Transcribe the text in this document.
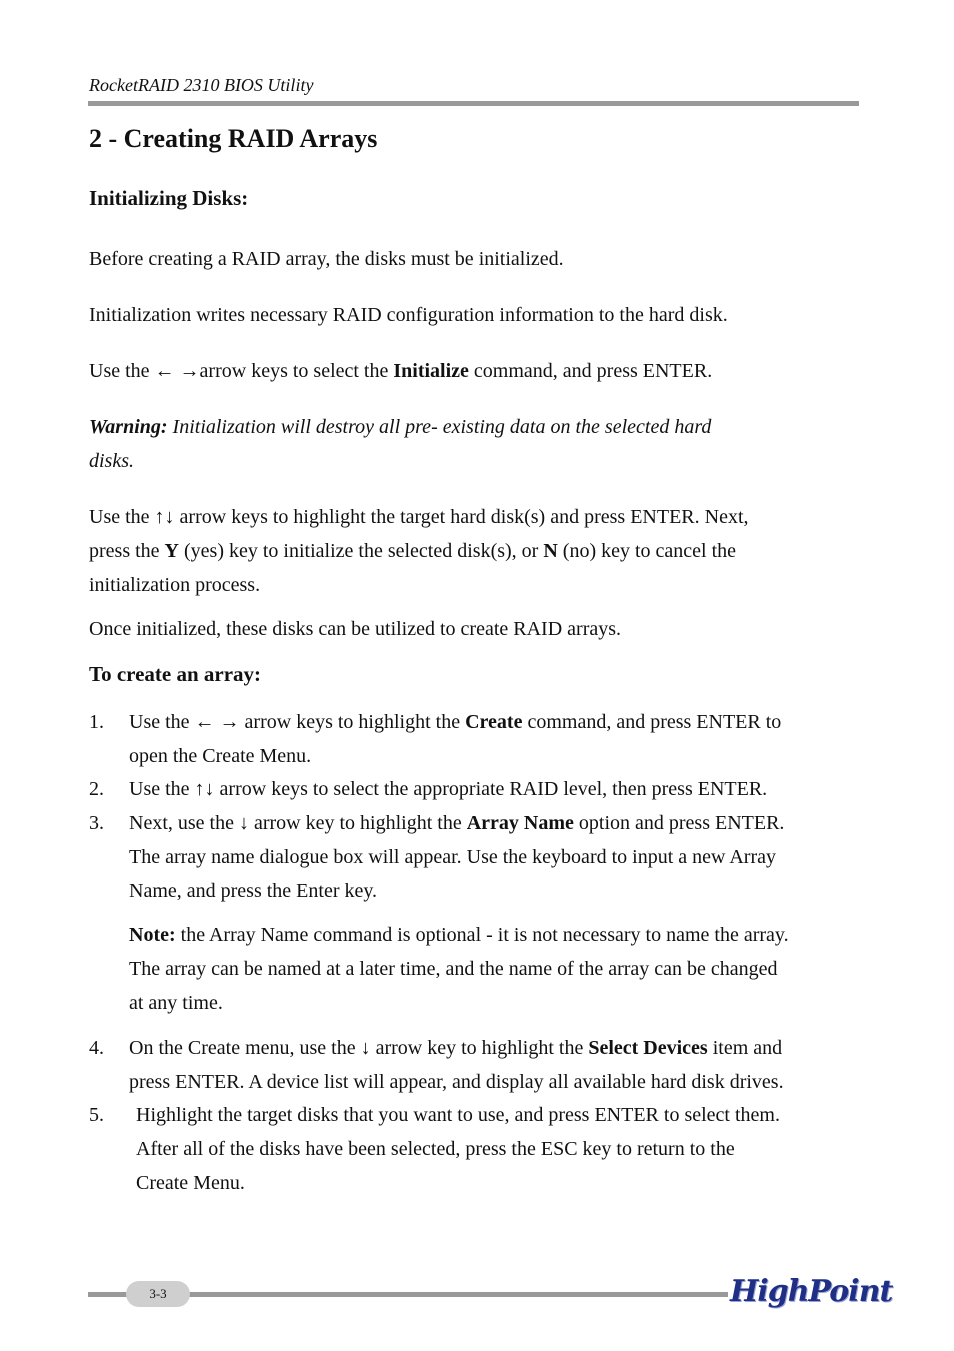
RocketRAID 2310 BIOS Utility
2 - Creating RAID Arrays
Initializing Disks:

Before creating a RAID array, the disks must be initialized.

Initialization writes necessary RAID configuration information to the hard disk.

Use the ← →arrow keys to select the Initialize command, and press ENTER.

Warning: Initialization will destroy all pre- existing data on the selected hard
disks.

Use the ↑↓ arrow keys to highlight the target hard disk(s) and press ENTER. Next,
press the Y (yes) key to initialize the selected disk(s), or N (no) key to cancel the
initialization process.

Once initialized, these disks can be utilized to create RAID arrays.

To create an array:
1. Use the ← → arrow keys to highlight the Create command, and press ENTER to
open the Create Menu.
2. Use the ↑↓ arrow keys to select the appropriate RAID level, then press ENTER.
3. Next, use the ↓ arrow key to highlight the Array Name option and press ENTER.
The array name dialogue box will appear. Use the keyboard to input a new Array
Name, and press the Enter key.
Note: the Array Name command is optional - it is not necessary to name the array.
The array can be named at a later time, and the name of the array can be changed
at any time.
4. On the Create menu, use the ↓ arrow key to highlight the Select Devices item and
press ENTER. A device list will appear, and display all available hard disk drives.
5. Highlight the target disks that you want to use, and press ENTER to select them.
After all of the disks have been selected, press the ESC key to return to the
Create Menu.
3-3	HighPoint
